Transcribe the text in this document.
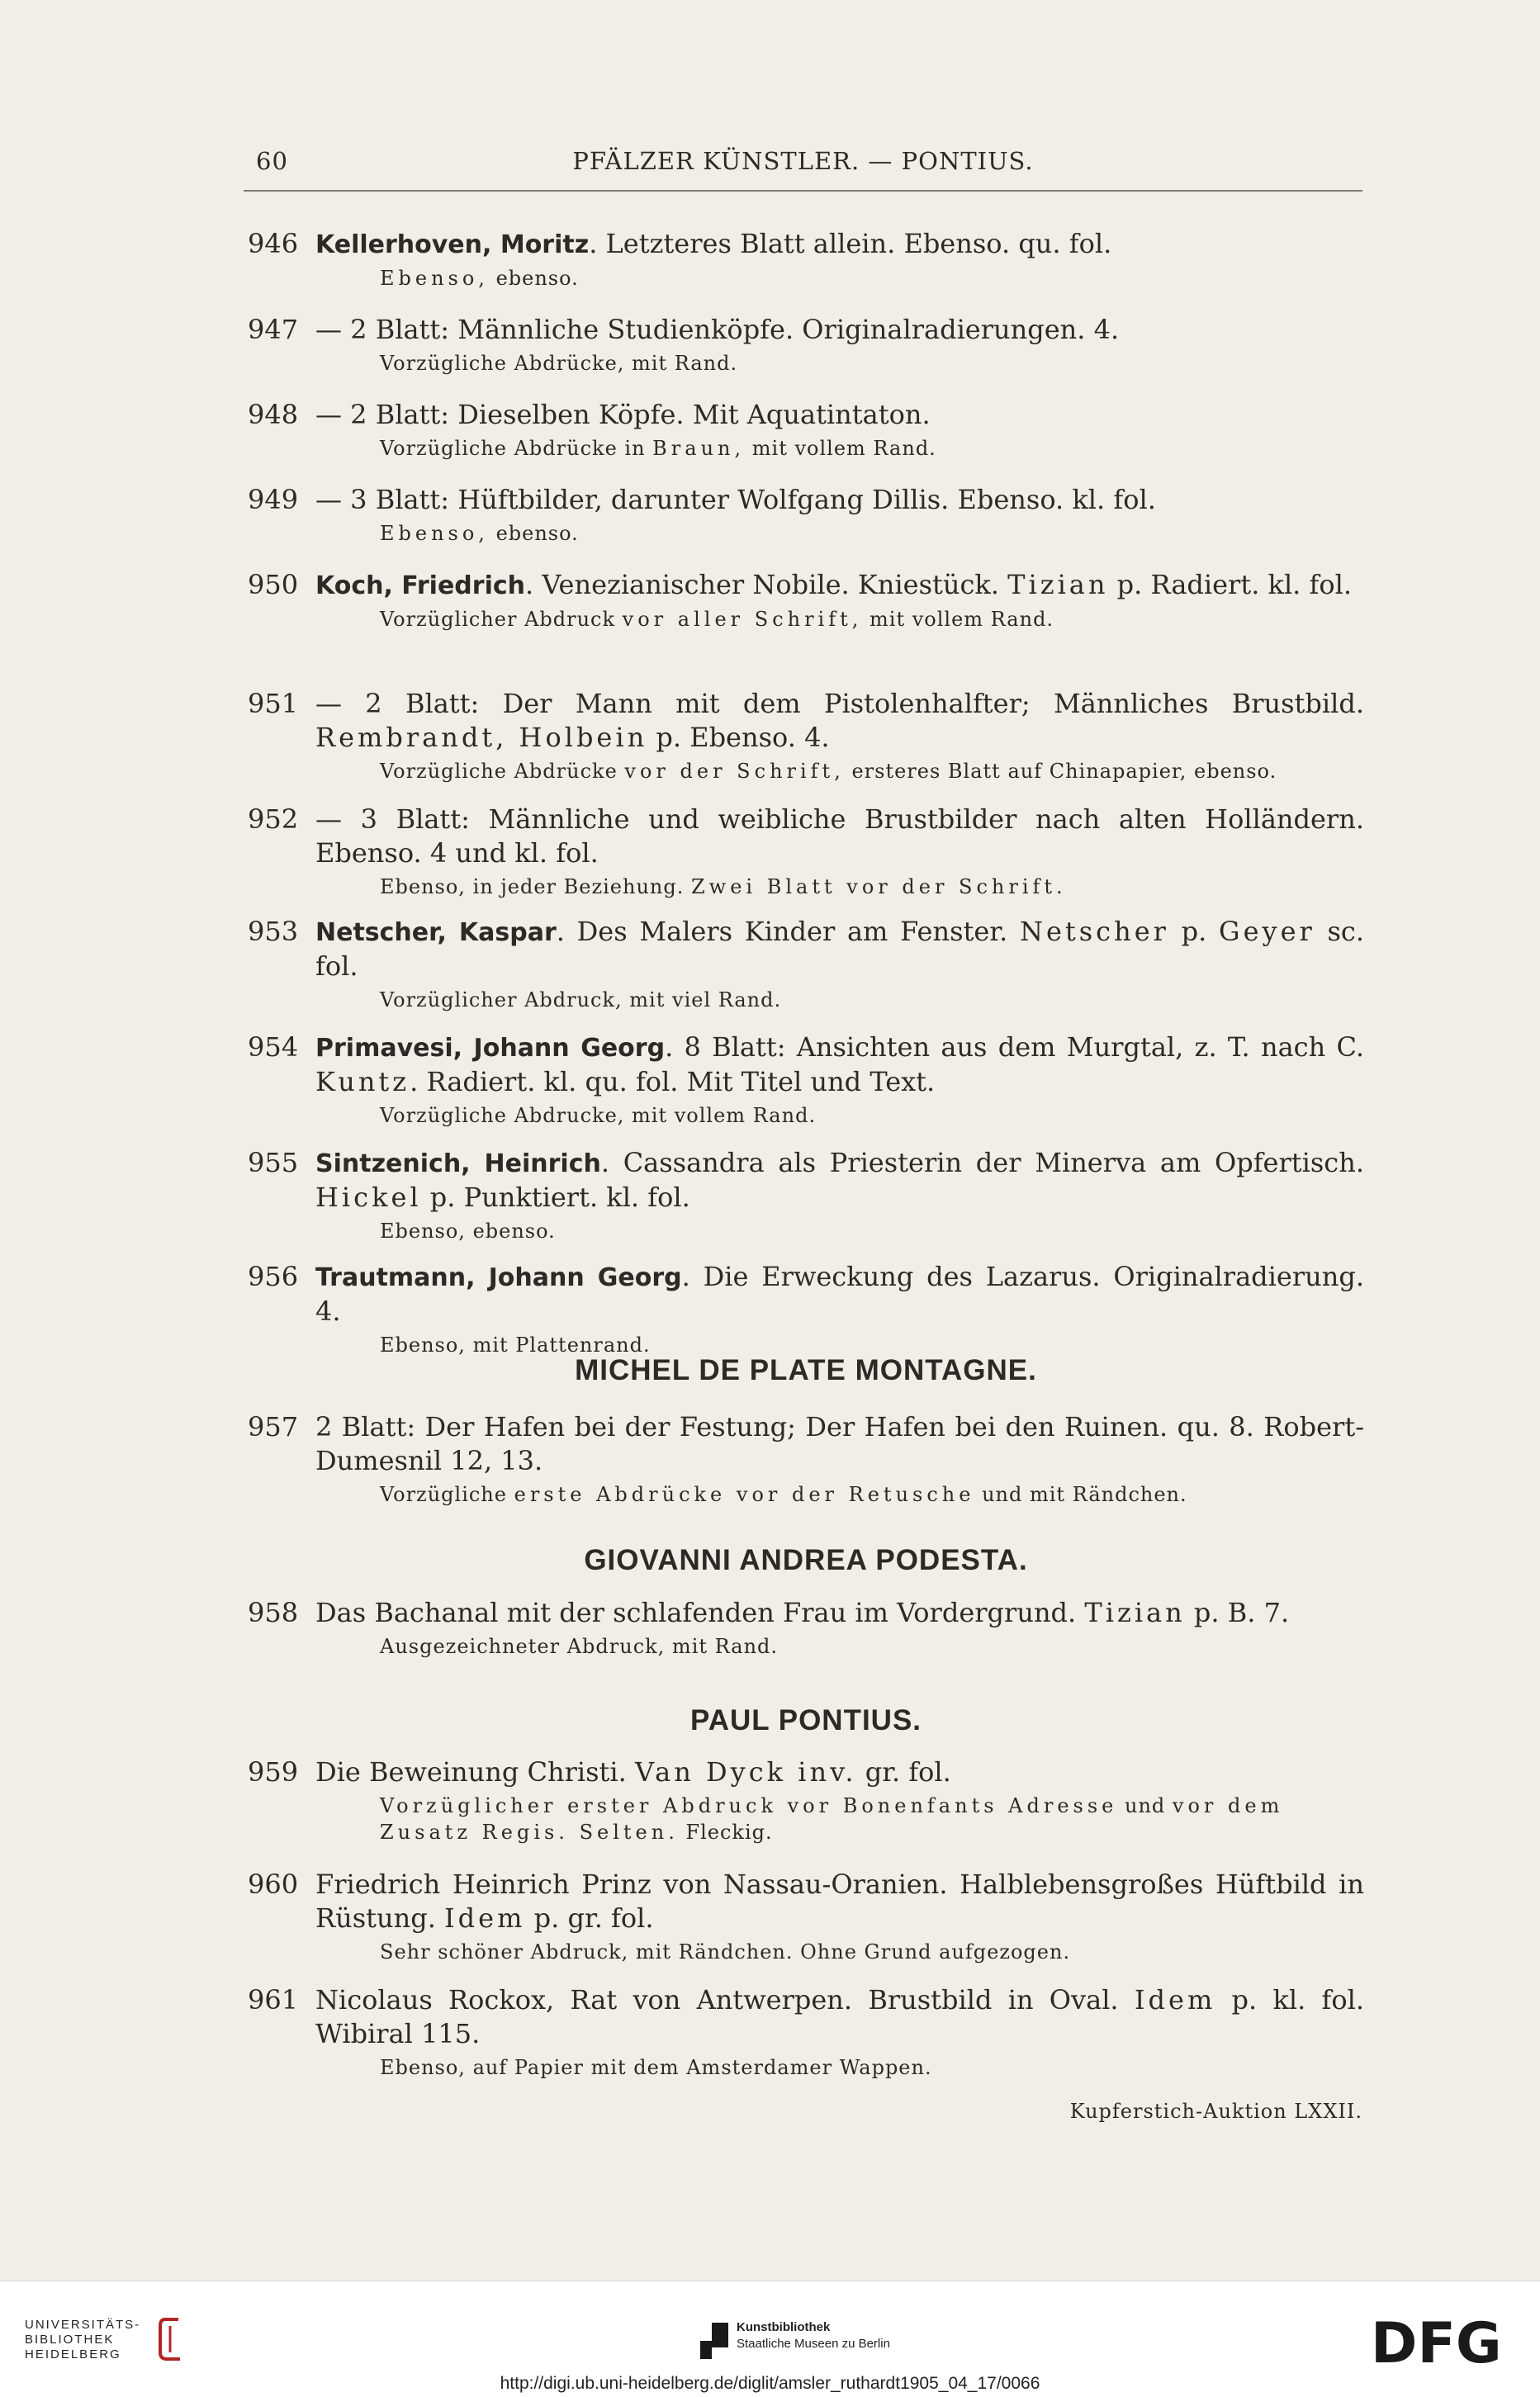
60	PFÄLZER KÜNSTLER. — PONTIUS.
946 Kellerhoven, Moritz. Letzteres Blatt allein. Ebenso. qu. fol.
Ebenso, ebenso.
947 — 2 Blatt: Männliche Studienköpfe. Originalradierungen. 4.
Vorzügliche Abdrücke, mit Rand.
948 — 2 Blatt: Dieselben Köpfe. Mit Aquatintaton.
Vorzügliche Abdrücke in Braun, mit vollem Rand.
949 — 3 Blatt: Hüftbilder, darunter Wolfgang Dillis. Ebenso. kl. fol.
Ebenso, ebenso.
950 Koch, Friedrich. Venezianischer Nobile. Kniestück. Tizian p. Radiert. kl. fol.
Vorzüglicher Abdruck vor aller Schrift, mit vollem Rand.
951 — 2 Blatt: Der Mann mit dem Pistolenhalfter; Männliches Brustbild. Rembrandt, Holbein p. Ebenso. 4.
Vorzügliche Abdrücke vor der Schrift, ersteres Blatt auf Chinapapier, ebenso.
952 — 3 Blatt: Männliche und weibliche Brustbilder nach alten Holländern. Ebenso. 4 und kl. fol.
Ebenso, in jeder Beziehung. Zwei Blatt vor der Schrift.
953 Netscher, Kaspar. Des Malers Kinder am Fenster. Netscher p. Geyer sc. fol.
Vorzüglicher Abdruck, mit viel Rand.
954 Primavesi, Johann Georg. 8 Blatt: Ansichten aus dem Murgtal, z. T. nach C. Kuntz. Radiert. kl. qu. fol. Mit Titel und Text.
Vorzügliche Abdrucke, mit vollem Rand.
955 Sintzenich, Heinrich. Cassandra als Priesterin der Minerva am Opfertisch. Hickel p. Punktiert. kl. fol.
Ebenso, ebenso.
956 Trautmann, Johann Georg. Die Erweckung des Lazarus. Originalradierung. 4.
Ebenso, mit Plattenrand.
MICHEL DE PLATE MONTAGNE.
957 2 Blatt: Der Hafen bei der Festung; Der Hafen bei den Ruinen. qu. 8. Robert-Dumesnil 12, 13.
Vorzügliche erste Abdrücke vor der Retusche und mit Rändchen.
GIOVANNI ANDREA PODESTA.
958 Das Bachanal mit der schlafenden Frau im Vordergrund. Tizian p. B. 7.
Ausgezeichneter Abdruck, mit Rand.
PAUL PONTIUS.
959 Die Beweinung Christi. Van Dyck inv. gr. fol.
Vorzüglicher erster Abdruck vor Bonenfants Adresse und vor dem Zusatz Regis. Selten. Fleckig.
960 Friedrich Heinrich Prinz von Nassau-Oranien. Halblebensgroßes Hüftbild in Rüstung. Idem p. gr. fol.
Sehr schöner Abdruck, mit Rändchen. Ohne Grund aufgezogen.
961 Nicolaus Rockox, Rat von Antwerpen. Brustbild in Oval. Idem p. kl. fol. Wibiral 115.
Ebenso, auf Papier mit dem Amsterdamer Wappen.
Kupferstich-Auktion LXXII.
UNIVERSITÄTS-
BIBLIOTHEK
HEIDELBERG
Kunstbibliothek
Staatliche Museen zu Berlin	DFG
http://digi.ub.uni-heidelberg.de/diglit/amsler_ruthardt1905_04_17/0066
